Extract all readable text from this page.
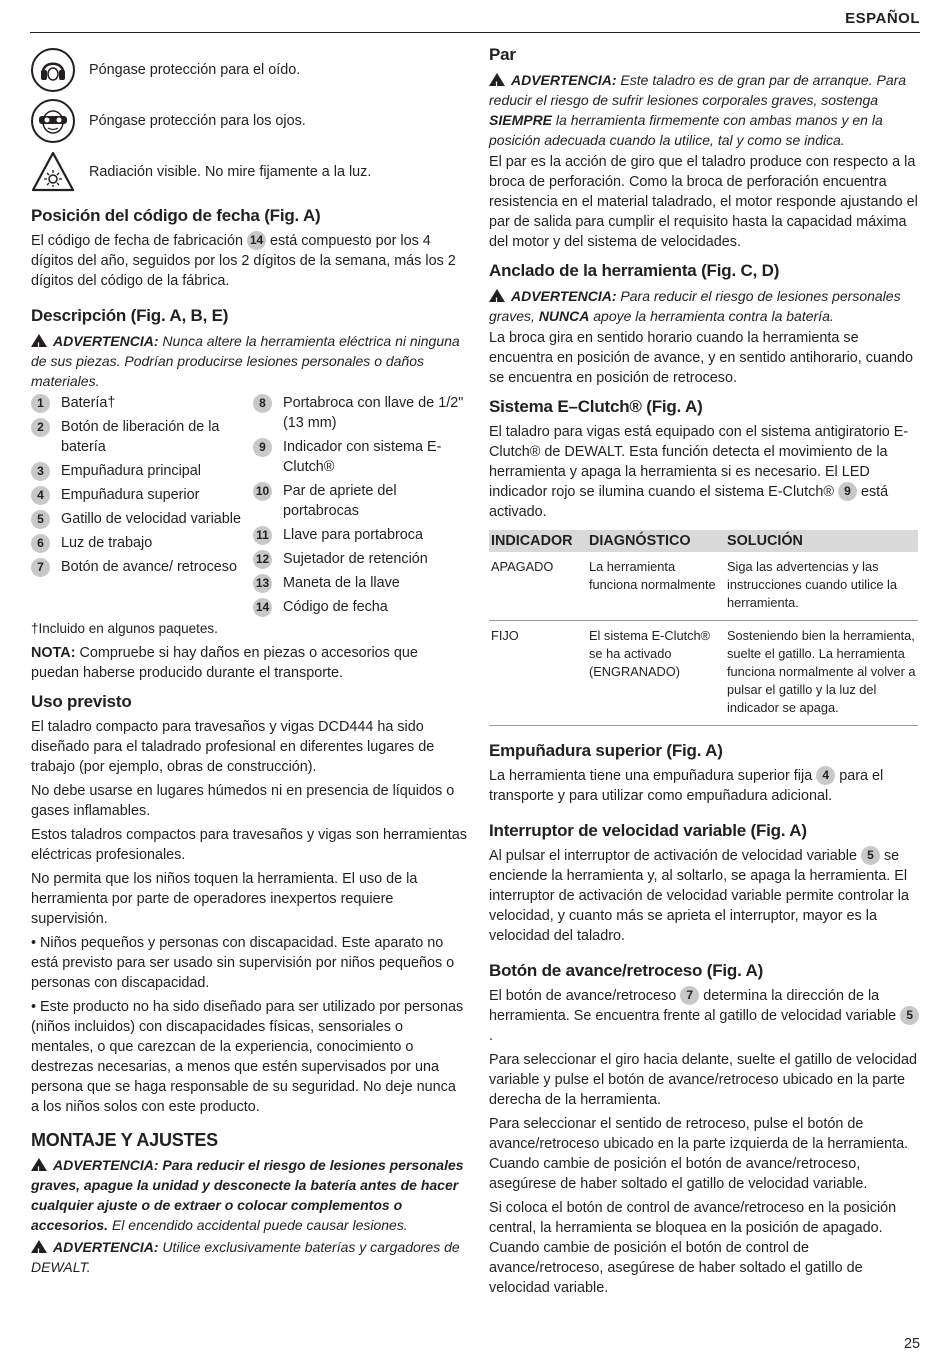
ESPAÑOL
Póngase protección para el oído.
Póngase protección para los ojos.
Radiación visible. No mire fijamente a la luz.
Posición del código de fecha (Fig. A)

El código de fecha de fabricación 14 está compuesto por los 4 dígitos del año, seguidos por los 2 dígitos de la semana, más los 2 dígitos del código de la fábrica.

Descripción (Fig. A, B, E)

!ADVERTENCIA: Nunca altere la herramienta eléctrica ni ninguna de sus piezas. Podrían producirse lesiones personales o daños materiales.

1	Batería†
2	Botón de liberación de la batería
3	Empuñadura principal
4	Empuñadura superior
5	Gatillo de velocidad variable
6	Luz de trabajo
7	Botón de avance/ retroceso
8	Portabroca con llave de 1/2" (13 mm)
9	Indicador con sistema E-Clutch®
10 Par de apriete del portabrocas
11 Llave para portabroca
12 Sujetador de retención
13 Maneta de la llave
14 Código de fecha

†Incluido en algunos paquetes.

NOTA: Compruebe si hay daños en piezas o accesorios que puedan haberse producido durante el transporte.

Uso previsto

El taladro compacto para travesaños y vigas DCD444 ha sido diseñado para el taladrado profesional en diferentes lugares de trabajo (por ejemplo, obras de construcción).

No debe usarse en lugares húmedos ni en presencia de líquidos o gases inflamables.

Estos taladros compactos para travesaños y vigas son herramientas eléctricas profesionales.

No permita que los niños toquen la herramienta. El uso de la herramienta por parte de operadores inexpertos requiere supervisión.

• Niños pequeños y personas con discapacidad. Este aparato no está previsto para ser usado sin supervisión por niños pequeños o personas con discapacidad.

• Este producto no ha sido diseñado para ser utilizado por personas (niños incluidos) con discapacidades físicas, sensoriales o mentales, o que carezcan de la experiencia, conocimiento o destrezas necesarias, a menos que estén supervisados por una persona que se haga responsable de su seguridad. No deje nunca a los niños solos con este producto.

MONTAJE Y AJUSTES

!ADVERTENCIA: Para reducir el riesgo de lesiones personales graves, apague la unidad y desconecte la batería antes de hacer cualquier ajuste o de extraer o colocar complementos o accesorios. El encendido accidental puede causar lesiones.

!ADVERTENCIA: Utilice exclusivamente baterías y cargadores de DEWALT.

Par

!ADVERTENCIA: Este taladro es de gran par de arranque. Para reducir el riesgo de sufrir lesiones corporales graves, sostenga SIEMPRE la herramienta firmemente con ambas manos y en la posición adecuada cuando la utilice, tal y como se indica.

El par es la acción de giro que el taladro produce con respecto a la broca de perforación. Como la broca de perforación encuentra resistencia en el material taladrado, el motor responde ajustando el par de salida para cumplir el requisito hasta la capacidad máxima del motor y del sistema de velocidades.

Anclado de la herramienta (Fig. C, D)

!ADVERTENCIA: Para reducir el riesgo de lesiones personales graves, NUNCA apoye la herramienta contra la batería.

La broca gira en sentido horario cuando la herramienta se encuentra en posición de avance, y en sentido antihorario, cuando se encuentra en posición de retroceso.

Sistema E–Clutch® (Fig. A)

El taladro para vigas está equipado con el sistema antigiratorio E-Clutch® de DEWALT. Esta función detecta el movimiento de la herramienta y apaga la herramienta si es necesario. El LED indicador rojo se ilumina cuando el sistema E-Clutch® 9 está activado.

INDICADOR	DIAGNÓSTICO	SOLUCIÓN
APAGADO	La herramienta funciona normalmente	Siga las advertencias y las instrucciones cuando utilice la herramienta.
FIJO	El sistema E-Clutch® se ha activado (ENGRANADO)	Sosteniendo bien la herramienta, suelte el gatillo. La herramienta funciona normalmente al volver a pulsar el gatillo y la luz del indicador se apaga.
Empuñadura superior (Fig. A)

La herramienta tiene una empuñadura superior fija 4 para el transporte y para utilizar como empuñadura adicional.

Interruptor de velocidad variable (Fig. A)

Al pulsar el interruptor de activación de velocidad variable 5 se enciende la herramienta y, al soltarlo, se apaga la herramienta. El interruptor de activación de velocidad variable permite controlar la velocidad, y cuanto más se aprieta el interruptor, mayor es la velocidad del taladro.

Botón de avance/retroceso (Fig. A)

El botón de avance/retroceso 7 determina la dirección de la herramienta. Se encuentra frente al gatillo de velocidad variable 5.

Para seleccionar el giro hacia delante, suelte el gatillo de velocidad variable y pulse el botón de avance/retroceso ubicado en la parte derecha de la herramienta.

Para seleccionar el sentido de retroceso, pulse el botón de avance/retroceso ubicado en la parte izquierda de la herramienta. Cuando cambie de posición el botón de avance/retroceso, asegúrese de haber soltado el gatillo de velocidad variable.

Si coloca el botón de control de avance/retroceso en la posición central, la herramienta se bloquea en la posición de apagado. Cuando cambie de posición el botón de control de avance/retroceso, asegúrese de haber soltado el gatillo de velocidad variable.

25
